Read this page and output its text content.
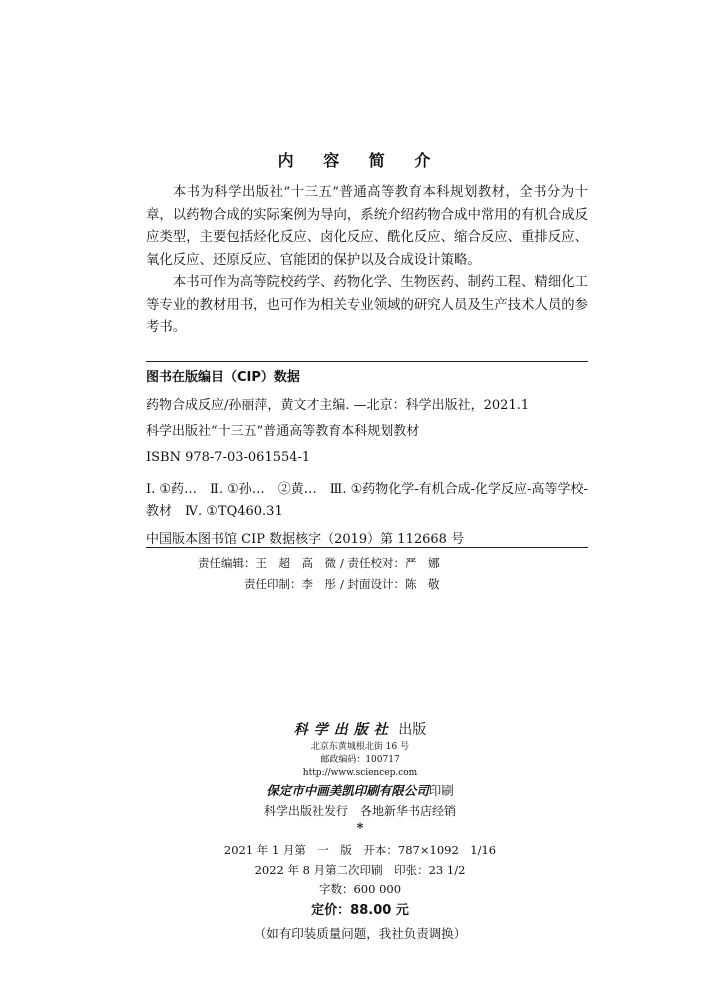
内 容 简 介

本书为科学出版社“十三五”普通高等教育本科规划教材，全书分为十章，以药物合成的实际案例为导向，系统介绍药物合成中常用的有机合成反应类型，主要包括烃化反应、卤化反应、酰化反应、缩合反应、重排反应、氧化反应、还原反应、官能团的保护以及合成设计策略。

本书可作为高等院校药学、药物化学、生物医药、制药工程、精细化工等专业的教材用书，也可作为相关专业领域的研究人员及生产技术人员的参考书。

图书在版编目（CIP）数据
药物合成反应/孙丽萍，黄文才主编. —北京：科学出版社，2021.1
科学出版社“十三五”普通高等教育本科规划教材
ISBN 978-7-03-061554-1
Ⅰ. ①药…　Ⅱ. ①孙…　②黄…　Ⅲ. ①药物化学-有机合成-化学反应-高等学校-教材　Ⅳ. ①TQ460.31
中国版本图书馆 CIP 数据核字（2019）第 112668 号
责任编辑：王　超　高　微 / 责任校对：严　娜
责任印制：李　彤 / 封面设计：陈　敬
科学出版社 出版
北京东黄城根北街 16 号
邮政编码：100717
http://www.sciencep.com
保定市中画美凯印刷有限公司印刷
科学出版社发行　各地新华书店经销
*
2021 年 1 月第　一　版　开本：787×1092　1/16
2022 年 8 月第二次印刷　印张：23 1/2
字数：600 000
定价：88.00 元
（如有印装质量问题，我社负责调换）
